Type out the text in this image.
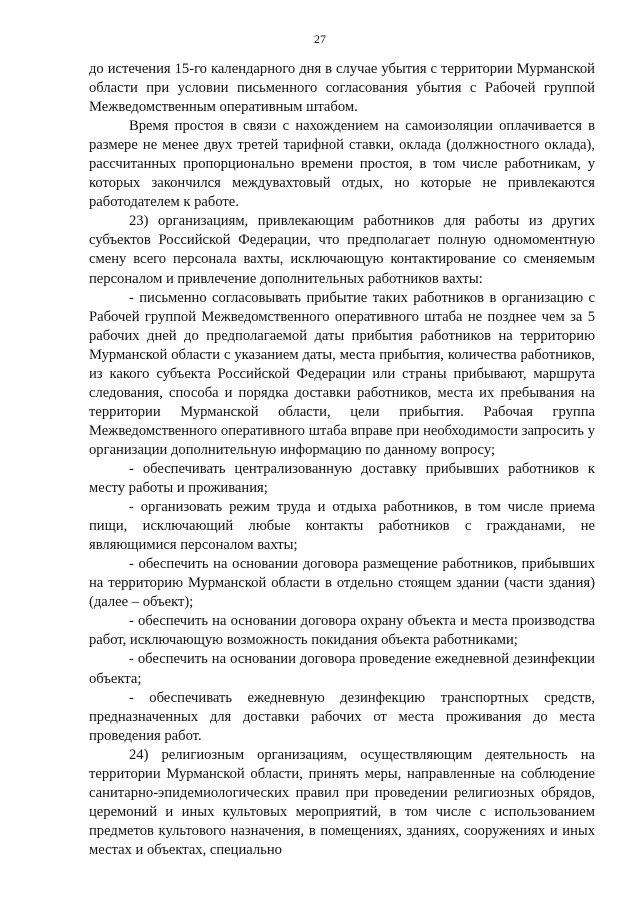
27

до истечения 15-го календарного дня в случае убытия с территории Мурманской области при условии письменного согласования убытия с Рабочей группой Межведомственным оперативным штабом.

Время простоя в связи с нахождением на самоизоляции оплачивается в размере не менее двух третей тарифной ставки, оклада (должностного оклада), рассчитанных пропорционально времени простоя, в том числе работникам, у которых закончился междувахтовый отдых, но которые не привлекаются работодателем к работе.

23) организациям, привлекающим работников для работы из других субъектов Российской Федерации, что предполагает полную одномоментную смену всего персонала вахты, исключающую контактирование со сменяемым персоналом и привлечение дополнительных работников вахты:

- письменно согласовывать прибытие таких работников в организацию с Рабочей группой Межведомственного оперативного штаба не позднее чем за 5 рабочих дней до предполагаемой даты прибытия работников на территорию Мурманской области с указанием даты, места прибытия, количества работников, из какого субъекта Российской Федерации или страны прибывают, маршрута следования, способа и порядка доставки работников, места их пребывания на территории Мурманской области, цели прибытия. Рабочая группа Межведомственного оперативного штаба вправе при необходимости запросить у организации дополнительную информацию по данному вопросу;

- обеспечивать централизованную доставку прибывших работников к месту работы и проживания;

- организовать режим труда и отдыха работников, в том числе приема пищи, исключающий любые контакты работников с гражданами, не являющимися персоналом вахты;

- обеспечить на основании договора размещение работников, прибывших на территорию Мурманской области в отдельно стоящем здании (части здания) (далее – объект);

- обеспечить на основании договора охрану объекта и места производства работ, исключающую возможность покидания объекта работниками;

- обеспечить на основании договора проведение ежедневной дезинфекции объекта;

- обеспечивать ежедневную дезинфекцию транспортных средств, предназначенных для доставки рабочих от места проживания до места проведения работ.

24) религиозным организациям, осуществляющим деятельность на территории Мурманской области, принять меры, направленные на соблюдение санитарно-эпидемиологических правил при проведении религиозных обрядов, церемоний и иных культовых мероприятий, в том числе с использованием предметов культового назначения, в помещениях, зданиях, сооружениях и иных местах и объектах, специально
